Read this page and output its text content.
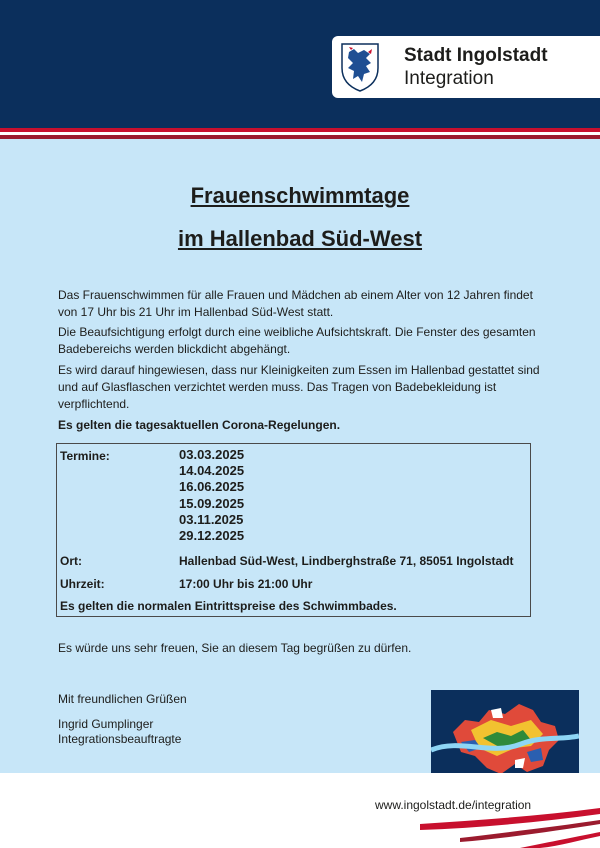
Stadt Ingolstadt
Integration
Frauenschwimmtage
im Hallenbad Süd-West

Das Frauenschwimmen für alle Frauen und Mädchen ab einem Alter von 12 Jahren findet von 17 Uhr bis 21 Uhr im Hallenbad Süd-West statt.

Die Beaufsichtigung erfolgt durch eine weibliche Aufsichtskraft. Die Fenster des gesamten Badebereichs werden blickdicht abgehängt.

Es wird darauf hingewiesen, dass nur Kleinigkeiten zum Essen im Hallenbad gestattet sind und auf Glasflaschen verzichtet werden muss. Das Tragen von Badebekleidung ist verpflichtend.

Es gelten die tagesaktuellen Corona-Regelungen.

Termine:	03.03.2025
14.04.2025
16.06.2025
15.09.2025
03.11.2025
29.12.2025
Ort:	Hallenbad Süd-West, Lindberghstraße 71, 85051 Ingolstadt
Uhrzeit:	17:00 Uhr bis 21:00 Uhr
Es gelten die normalen Eintrittspreise des Schwimmbades.

Es würde uns sehr freuen, Sie an diesem Tag begrüßen zu dürfen.

Mit freundlichen Grüßen

Ingrid Gumplinger

Integrationsbeauftragte

www.ingolstadt.de/integration
